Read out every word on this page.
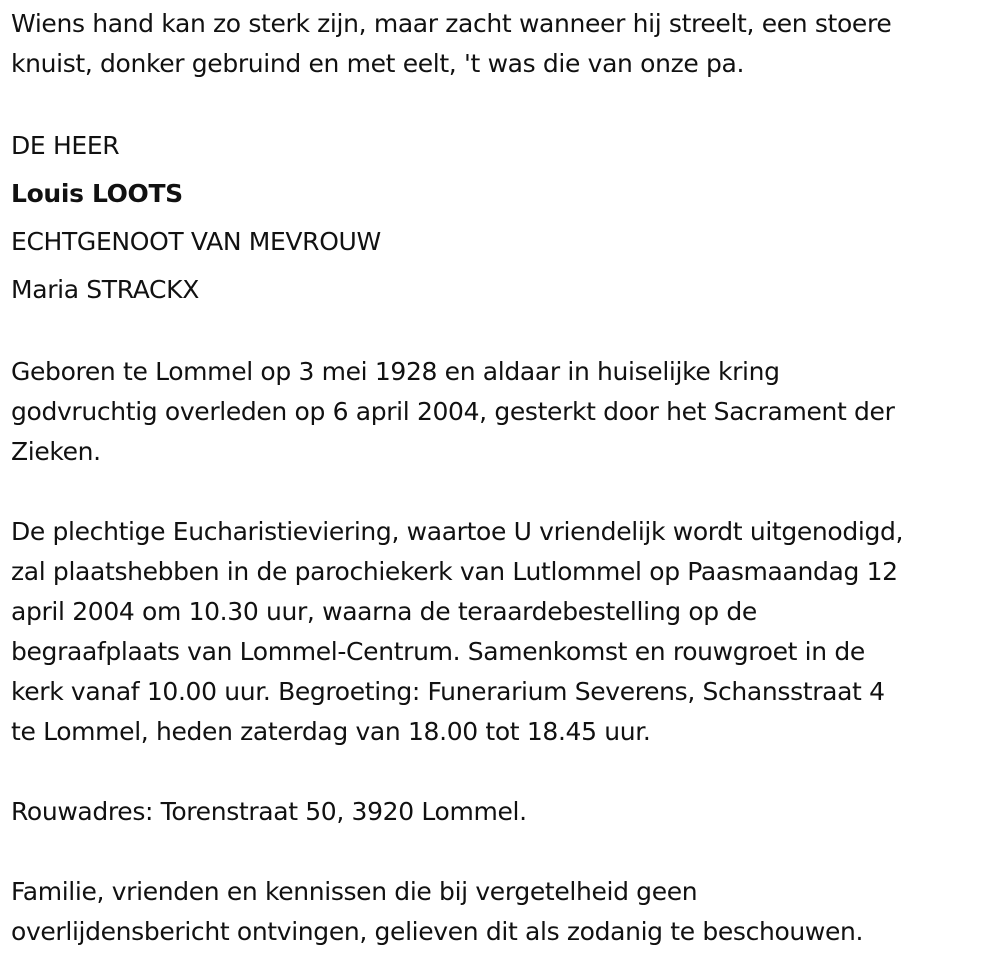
Wiens hand kan zo sterk zijn, maar zacht wanneer hij streelt, een stoere
knuist, donker gebruind en met eelt, 't was die van onze pa.

DE HEER

Louis LOOTS

ECHTGENOOT VAN MEVROUW

Maria STRACKX

Geboren te Lommel op 3 mei 1928 en aldaar in huiselijke kring
godvruchtig overleden op 6 april 2004, gesterkt door het Sacrament der
Zieken.

De plechtige Eucharistieviering, waartoe U vriendelijk wordt uitgenodigd,
zal plaatshebben in de parochiekerk van Lutlommel op Paasmaandag 12
april 2004 om 10.30 uur, waarna de teraardebestelling op de
begraafplaats van Lommel-Centrum. Samenkomst en rouwgroet in de
kerk vanaf 10.00 uur. Begroeting: Funerarium Severens, Schansstraat 4
te Lommel, heden zaterdag van 18.00 tot 18.45 uur.

Rouwadres: Torenstraat 50, 3920 Lommel.

Familie, vrienden en kennissen die bij vergetelheid geen
overlijdensbericht ontvingen, gelieven dit als zodanig te beschouwen.
